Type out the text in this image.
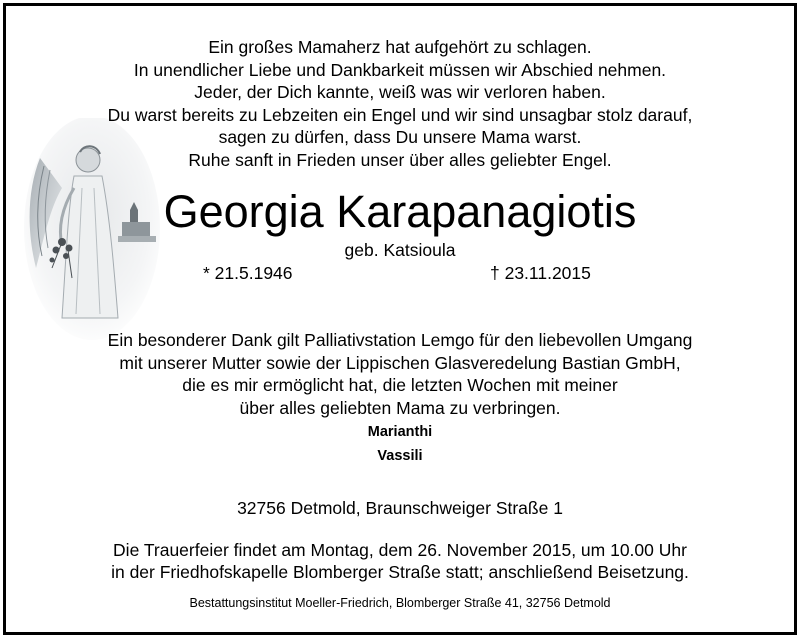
Ein großes Mamaherz hat aufgehört zu schlagen.
In unendlicher Liebe und Dankbarkeit müssen wir Abschied nehmen.
Jeder, der Dich kannte, weiß was wir verloren haben.
Du warst bereits zu Lebzeiten ein Engel und wir sind unsagbar stolz darauf,
sagen zu dürfen, dass Du unsere Mama warst.
Ruhe sanft in Frieden unser über alles geliebter Engel.
Georgia Karapanagiotis
geb. Katsioula
* 21.5.1946	† 23.11.2015
Ein besonderer Dank gilt Palliativstation Lemgo für den liebevollen Umgang
mit unserer Mutter sowie der Lippischen Glasveredelung Bastian GmbH,
die es mir ermöglicht hat, die letzten Wochen mit meiner
über alles geliebten Mama zu verbringen.
Marianthi
Vassili
32756 Detmold, Braunschweiger Straße 1
Die Trauerfeier findet am Montag, dem 26. November 2015, um 10.00 Uhr
in der Friedhofskapelle Blomberger Straße statt; anschließend Beisetzung.
Bestattungsinstitut Moeller-Friedrich, Blomberger Straße 41, 32756 Detmold
